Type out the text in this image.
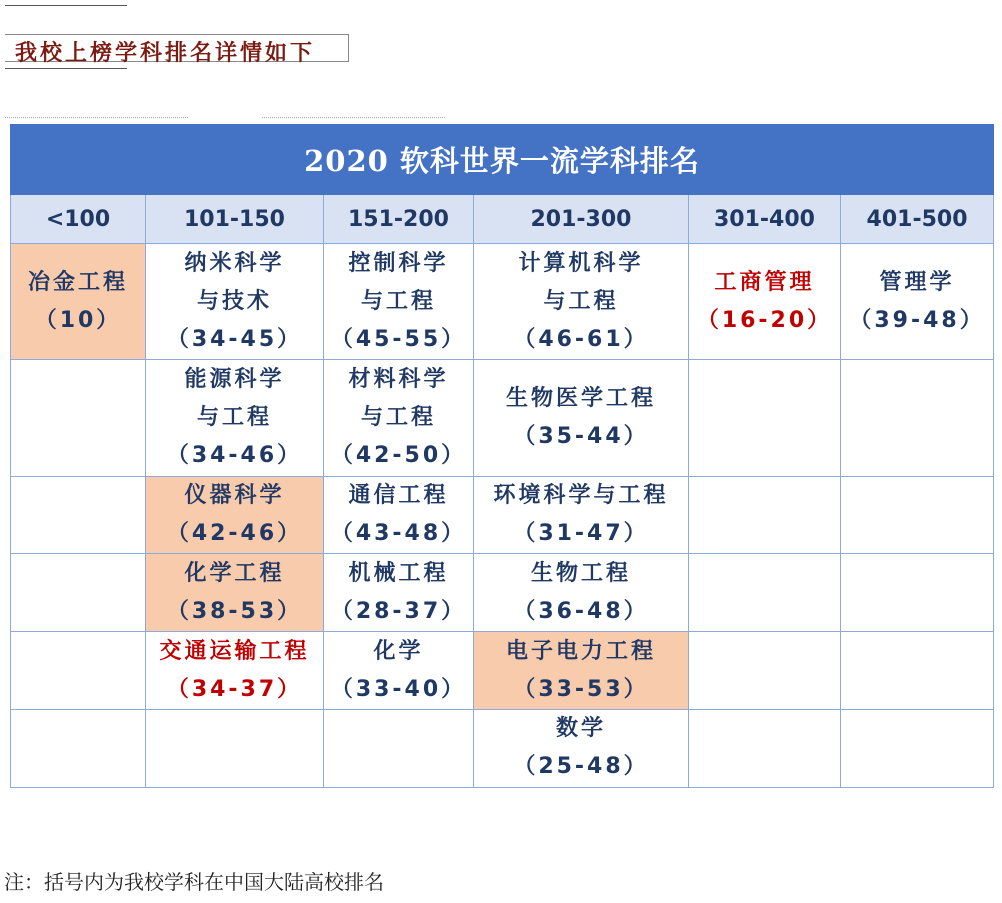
我校上榜学科排名详情如下
2020 软科世界一流学科排名					
<100	101-150	151-200	201-300	301-400	401-500

冶金工程
（10）	纳米科学
与技术
（34-45）	控制科学
与工程
（45-55）	计算机科学
与工程
（46-61）	工商管理
（16-20）	管理学
（39-48）

	能源科学
与工程
（34-46）	材料科学
与工程
（42-50）	生物医学工程
（35-44）		

	仪器科学
（42-46）	通信工程
（43-48）	环境科学与工程
（31-47）		

	化学工程
（38-53）	机械工程
（28-37）	生物工程
（36-48）		

	交通运输工程
（34-37）	化学
（33-40）	电子电力工程
（33-53）		

			数学
（25-48）		

注：括号内为我校学科在中国大陆高校排名
